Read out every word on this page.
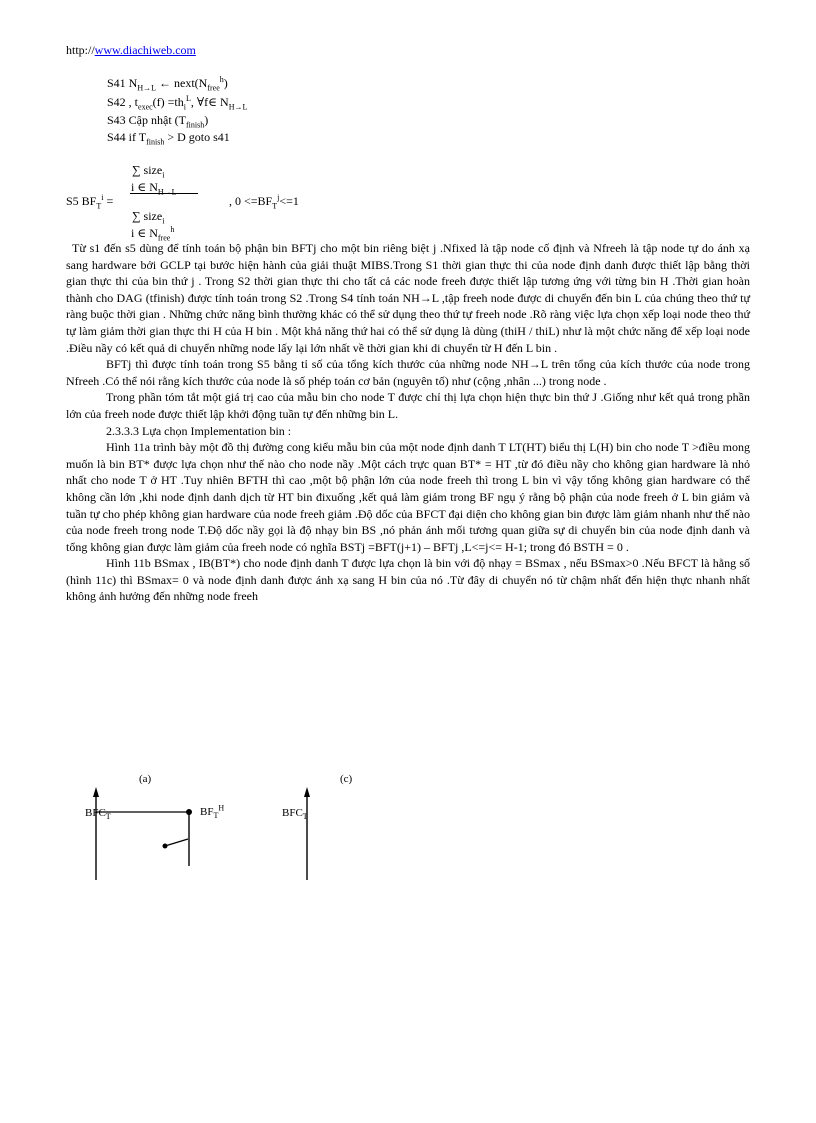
http://www.diachiweb.com
S41 $N_{H\to L}$ ← $next(N_{free}^h)$
S42 , $t_{exec}(f) =th_i^L$, ∀f∈ $N_{H\to L}$
S43 Cập nhật $(T_{finish})$
S44 if $T_{finish} > D$ goto s41
∑ size$_i$
i ∈ $N_{H\to L}$
S5 $BF_T^i$ =	, $0 <=BF_T^j<=1$
∑ size$_i$
i ∈ $N_{free}^h$

Từ s1 đến s5 dùng để tính toán bộ phận bin BFTj cho một bin riêng biệt j .Nfixed là tập node cố định và Nfreeh là tập node tự do ánh xạ sang hardware bởi GCLP tại bước hiện hành của giải thuật MIBS.Trong S1 thời gian thực thi của node định danh được thiết lập bằng thời gian thực thi của bin thứ j . Trong S2 thời gian thực thi cho tất cả các node freeh được thiết lập tương ứng với từng bin H .Thời gian hoàn thành cho DAG (tfinish) được tính toán trong S2 .Trong S4 tính toán NH→L ,tập freeh node được di chuyển đến bin L của chúng theo thứ tự ràng buộc thời gian . Những chức năng bình thường khác có thể sử dụng theo thứ tự freeh node .Rõ ràng việc lựa chọn xếp loại node theo thứ tự làm giảm thời gian thực thi H của H bin . Một khả năng thứ hai có thể sử dụng là dùng (thiH / thiL) như là một chức năng để xếp loại node .Điều nầy có kết quả di chuyển những node lấy lại lớn nhất về thời gian khi di chuyển từ H đến L bin .

BFTj thì được tính toán trong S5 bằng tỉ số của tổng kích thước của những node NH→L trên tổng của kích thước của node trong Nfreeh .Có thể nói rằng kích thước của node là số phép toán cơ bản (nguyên tố) như (cộng ,nhân ...) trong node .

Trong phần tóm tắt một giá trị cao của mẫu bin cho node T được chỉ thị lựa chọn hiện thực bin thứ J .Giống như kết quả trong phần lớn của freeh node được thiết lập khởi động tuần tự đến những bin L.

2.3.3.3 Lựa chọn Implementation bin :

Hình 11a trình bày một đồ thị đường cong kiểu mẫu bin của một node định danh T LT(HT) biểu thị L(H) bin cho node T >điều mong muốn là bin BT* được lựa chọn như thế nào cho node nầy .Một cách trực quan BT* = HT ,từ đó điều nầy cho không gian hardware là nhỏ nhất cho node T ở HT .Tuy nhiên BFTH thì cao ,một bộ phận lớn của node freeh thì trong L bin vì vậy tổng không gian hardware có thể không cần lớn ,khi node định danh dịch từ HT bin đixuống ,kết quả làm giảm trong BF ngụ ý rằng bộ phận của node freeh ở L bin giảm và tuần tự cho phép không gian hardware của node freeh giảm .Độ dốc của BFCT đại diện cho không gian bin được làm giảm nhanh như thế nào của node freeh trong node T.Độ dốc nầy gọi là độ nhạy bin BS ,nó phản ánh mối tương quan giữa sự di chuyển bin của node định danh và tổng không gian được làm giảm của freeh node có nghĩa BSTj =BFT(j+1) – BFTj ,L<=j<= H-1; trong đó BSTH = 0 .

Hình 11b BSmax , IB(BT*) cho node định danh T được lựa chọn là bin với độ nhạy = BSmax , nếu BSmax>0 .Nếu BFCT là hằng số (hình 11c) thì BSmax= 0 và node định danh được ánh xạ sang H bin của nó .Từ đây di chuyển nó từ chậm nhất đến hiện thực nhanh nhất không ảnh hưởng đến những node freeh

(a)	(c)
$BFC_T$	$BF_T^H$	$BFC_T$
